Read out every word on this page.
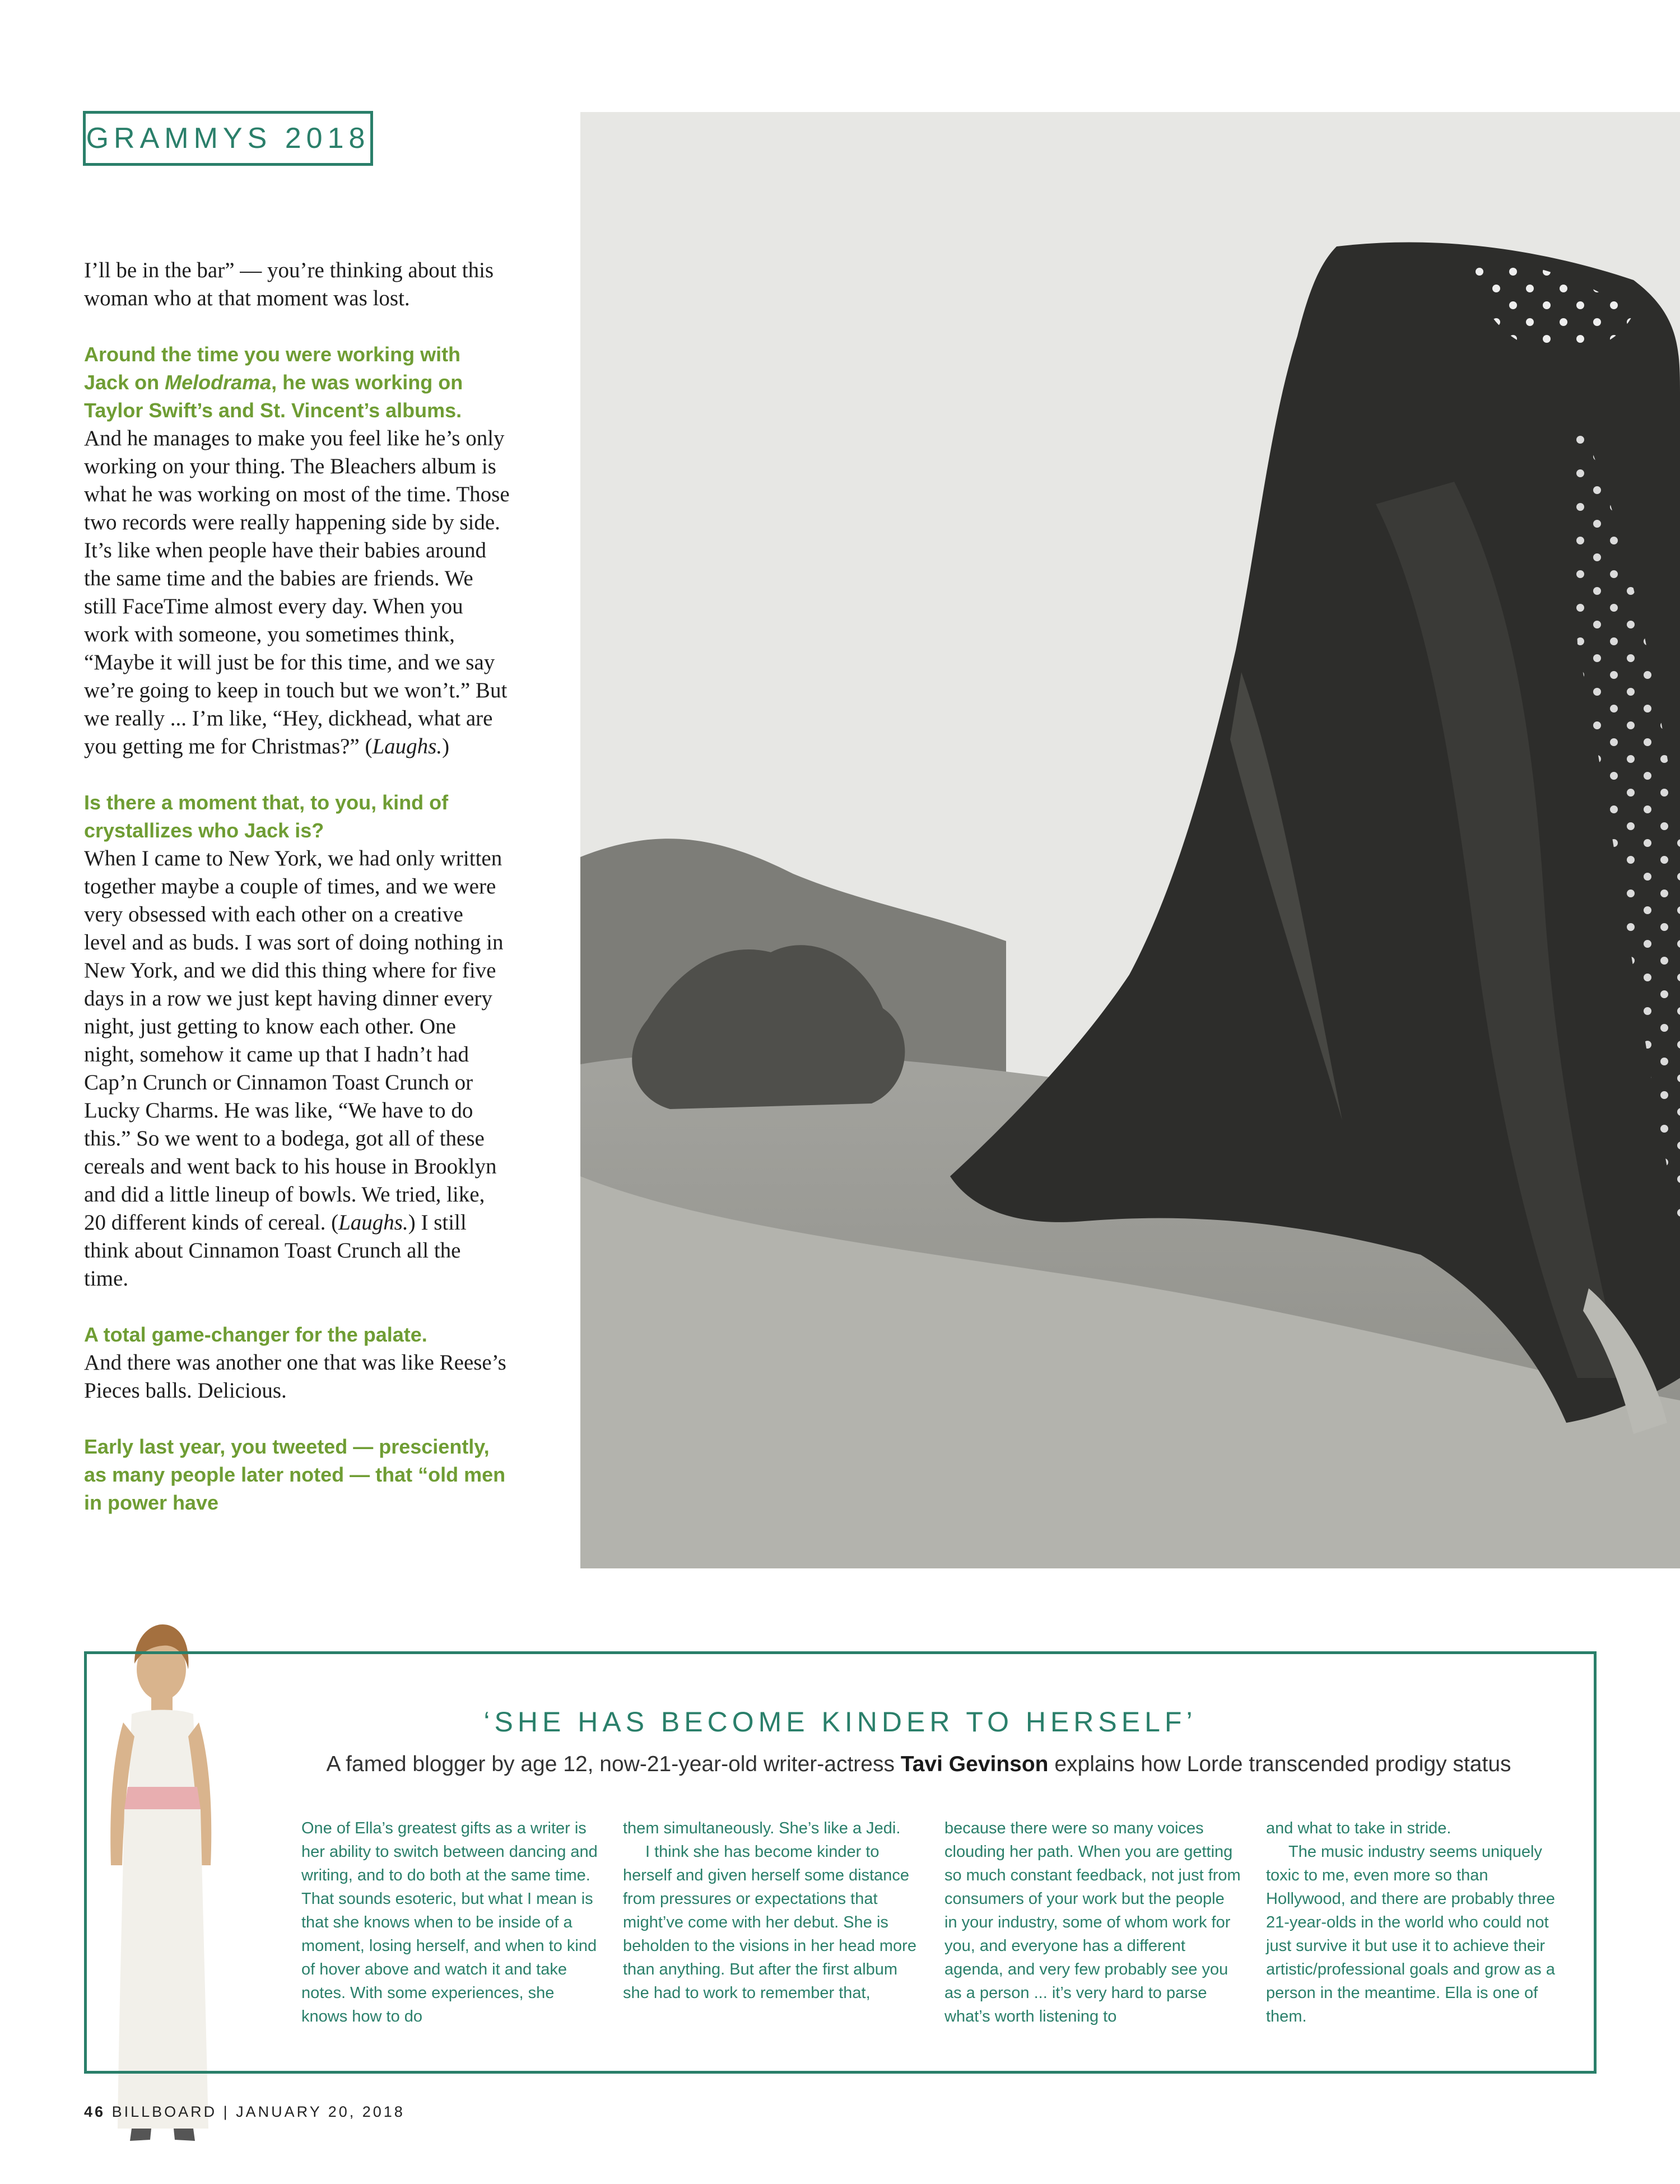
GRAMMYS 2018

I’ll be in the bar” — you’re thinking about this woman who at that moment was lost.

Around the time you were working with Jack on Melodrama, he was working on Taylor Swift’s and St. Vincent’s albums.
And he manages to make you feel like he’s only working on your thing. The Bleachers album is what he was working on most of the time. Those two records were really happening side by side. It’s like when people have their babies around the same time and the babies are friends. We still FaceTime almost every day. When you work with someone, you sometimes think, “Maybe it will just be for this time, and we say we’re going to keep in touch but we won’t.” But we really ... I’m like, “Hey, dickhead, what are you getting me for Christmas?” (Laughs.)

Is there a moment that, to you, kind of crystallizes who Jack is?
When I came to New York, we had only written together maybe a couple of times, and we were very obsessed with each other on a creative level and as buds. I was sort of doing nothing in New York, and we did this thing where for five days in a row we just kept having dinner every night, just getting to know each other. One night, somehow it came up that I hadn’t had Cap’n Crunch or Cinnamon Toast Crunch or Lucky Charms. He was like, “We have to do this.” So we went to a bodega, got all of these cereals and went back to his house in Brooklyn and did a little lineup of bowls. We tried, like, 20 different kinds of cereal. (Laughs.) I still think about Cinnamon Toast Crunch all the time.

A total game-changer for the palate.
And there was another one that was like Reese’s Pieces balls. Delicious.

Early last year, you tweeted — presciently, as many people later noted — that “old men in power have

‘SHE HAS BECOME KINDER TO HERSELF’
A famed blogger by age 12, now-21-year-old writer-actress Tavi Gevinson explains how Lorde transcended prodigy status
One of Ella’s greatest gifts as a writer is her ability to switch between dancing and writing, and to do both at the same time. That sounds esoteric, but what I mean is that she knows when to be inside of a moment, losing herself, and when to kind of hover above and watch it and take notes. With some experiences, she knows how to do
them simultaneously. She’s like a Jedi.
I think she has become kinder to herself and given herself some distance from pressures or expectations that might’ve come with her debut. She is beholden to the visions in her head more than anything. But after the first album she had to work to remember that,
because there were so many voices clouding her path. When you are getting so much constant feedback, not just from consumers of your work but the people in your industry, some of whom work for you, and everyone has a different agenda, and very few probably see you as a person ... it’s very hard to parse what’s worth listening to
and what to take in stride.
The music industry seems uniquely toxic to me, even more so than Hollywood, and there are probably three 21-year-olds in the world who could not just survive it but use it to achieve their artistic/professional goals and grow as a person in the meantime. Ella is one of them.
46 BILLBOARD | JANUARY 20, 2018
